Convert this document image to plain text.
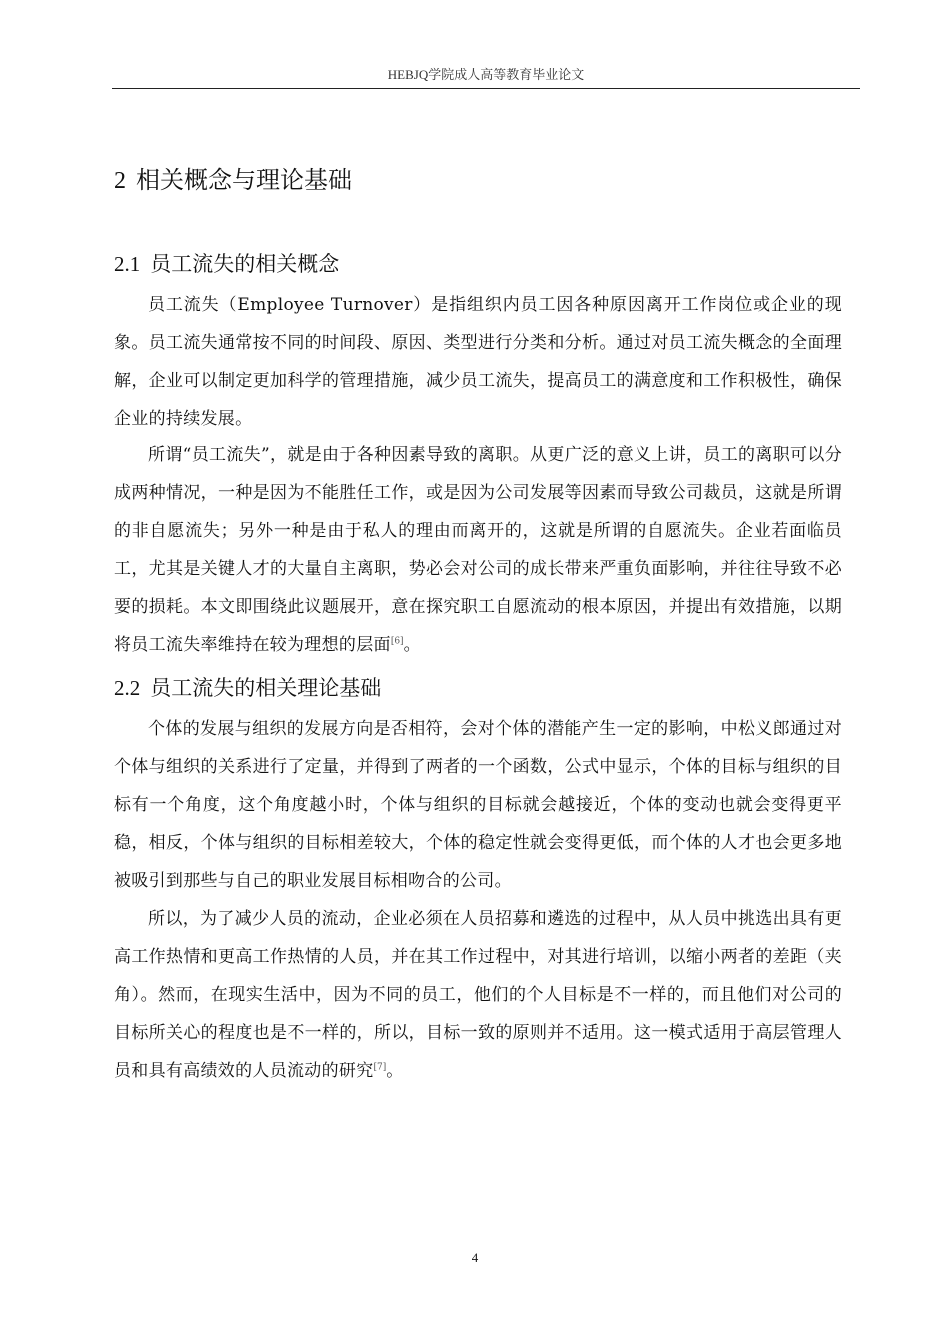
HEBJQ学院成人高等教育毕业论文
2 相关概念与理论基础
2.1 员工流失的相关概念

员工流失（Employee Turnover）是指组织内员工因各种原因离开工作岗位或企业的现象。员工流失通常按不同的时间段、原因、类型进行分类和分析。通过对员工流失概念的全面理解，企业可以制定更加科学的管理措施，减少员工流失，提高员工的满意度和工作积极性，确保企业的持续发展。

所谓“员工流失”，就是由于各种因素导致的离职。从更广泛的意义上讲，员工的离职可以分成两种情况，一种是因为不能胜任工作，或是因为公司发展等因素而导致公司裁员，这就是所谓的非自愿流失；另外一种是由于私人的理由而离开的，这就是所谓的自愿流失。企业若面临员工，尤其是关键人才的大量自主离职，势必会对公司的成长带来严重负面影响，并往往导致不必要的损耗。本文即围绕此议题展开，意在探究职工自愿流动的根本原因，并提出有效措施，以期将员工流失率维持在较为理想的层面[6]。

2.2 员工流失的相关理论基础

个体的发展与组织的发展方向是否相符，会对个体的潜能产生一定的影响，中松义郎通过对个体与组织的关系进行了定量，并得到了两者的一个函数，公式中显示，个体的目标与组织的目标有一个角度，这个角度越小时，个体与组织的目标就会越接近，个体的变动也就会变得更平稳，相反，个体与组织的目标相差较大，个体的稳定性就会变得更低，而个体的人才也会更多地被吸引到那些与自己的职业发展目标相吻合的公司。

所以，为了减少人员的流动，企业必须在人员招募和遴选的过程中，从人员中挑选出具有更高工作热情和更高工作热情的人员，并在其工作过程中，对其进行培训，以缩小两者的差距（夹角）。然而，在现实生活中，因为不同的员工，他们的个人目标是不一样的，而且他们对公司的目标所关心的程度也是不一样的，所以，目标一致的原则并不适用。这一模式适用于高层管理人员和具有高绩效的人员流动的研究[7]。

4
